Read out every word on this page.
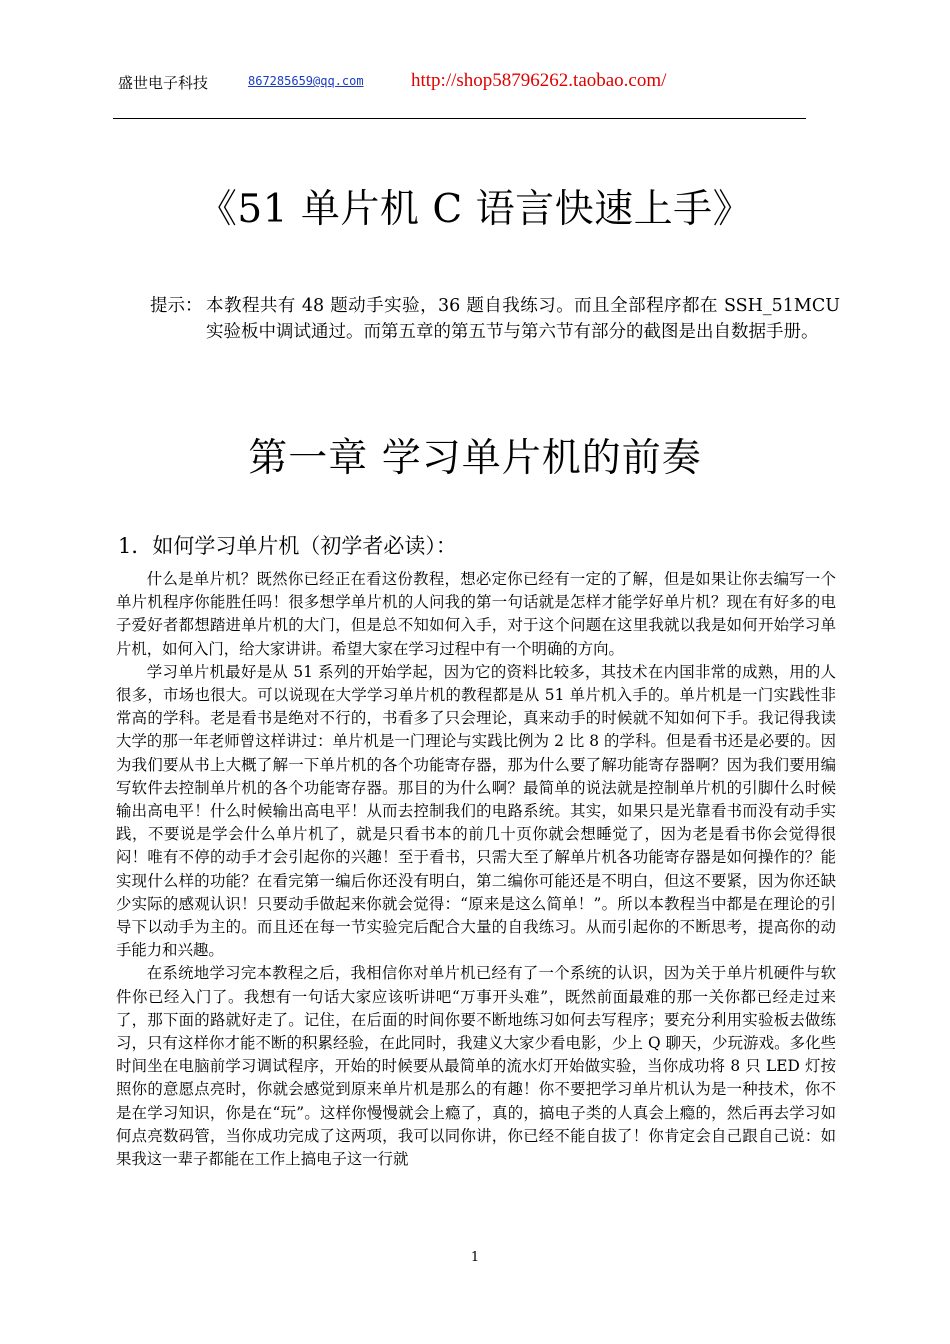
盛世电子科技	867285659@qq.com http://shop58796262.taobao.com/
《51 单片机 C 语言快速上手》
提示： 本教程共有 48 题动手实验，36 题自我练习。而且全部程序都在 SSH_51MCU 实验板中调试通过。而第五章的第五节与第六节有部分的截图是出自数据手册。
第一章 学习单片机的前奏
1．如何学习单片机（初学者必读）：

什么是单片机？既然你已经正在看这份教程，想必定你已经有一定的了解，但是如果让你去编写一个单片机程序你能胜任吗！很多想学单片机的人问我的第一句话就是怎样才能学好单片机？现在有好多的电子爱好者都想踏进单片机的大门，但是总不知如何入手，对于这个问题在这里我就以我是如何开始学习单片机，如何入门，给大家讲讲。希望大家在学习过程中有一个明确的方向。

学习单片机最好是从 51 系列的开始学起，因为它的资料比较多，其技术在内国非常的成熟，用的人很多，市场也很大。可以说现在大学学习单片机的教程都是从 51 单片机入手的。单片机是一门实践性非常高的学科。老是看书是绝对不行的，书看多了只会理论，真来动手的时候就不知如何下手。我记得我读大学的那一年老师曾这样讲过：单片机是一门理论与实践比例为 2 比 8 的学科。但是看书还是必要的。因为我们要从书上大概了解一下单片机的各个功能寄存器，那为什么要了解功能寄存器啊？因为我们要用编写软件去控制单片机的各个功能寄存器。那目的为什么啊？最简单的说法就是控制单片机的引脚什么时候输出高电平！什么时候输出高电平！从而去控制我们的电路系统。其实，如果只是光靠看书而没有动手实践，不要说是学会什么单片机了，就是只看书本的前几十页你就会想睡觉了，因为老是看书你会觉得很闷！唯有不停的动手才会引起你的兴趣！至于看书，只需大至了解单片机各功能寄存器是如何操作的？能实现什么样的功能？在看完第一编后你还没有明白，第二编你可能还是不明白，但这不要紧，因为你还缺少实际的感观认识！只要动手做起来你就会觉得：“原来是这么简单！”。所以本教程当中都是在理论的引导下以动手为主的。而且还在每一节实验完后配合大量的自我练习。从而引起你的不断思考，提高你的动手能力和兴趣。

在系统地学习完本教程之后，我相信你对单片机已经有了一个系统的认识，因为关于单片机硬件与软件你已经入门了。我想有一句话大家应该听讲吧“万事开头难”，既然前面最难的那一关你都已经走过来了，那下面的路就好走了。记住，在后面的时间你要不断地练习如何去写程序；要充分利用实验板去做练习，只有这样你才能不断的积累经验，在此同时，我建义大家少看电影，少上 Q 聊天，少玩游戏。多化些时间坐在电脑前学习调试程序，开始的时候要从最简单的流水灯开始做实验，当你成功将 8 只 LED 灯按照你的意愿点亮时，你就会感觉到原来单片机是那么的有趣！你不要把学习单片机认为是一种技术，你不是在学习知识，你是在“玩”。这样你慢慢就会上瘾了，真的，搞电子类的人真会上瘾的，然后再去学习如何点亮数码管，当你成功完成了这两项，我可以同你讲，你已经不能自拔了！你肯定会自己跟自己说：如果我这一辈子都能在工作上搞电子这一行就

1
